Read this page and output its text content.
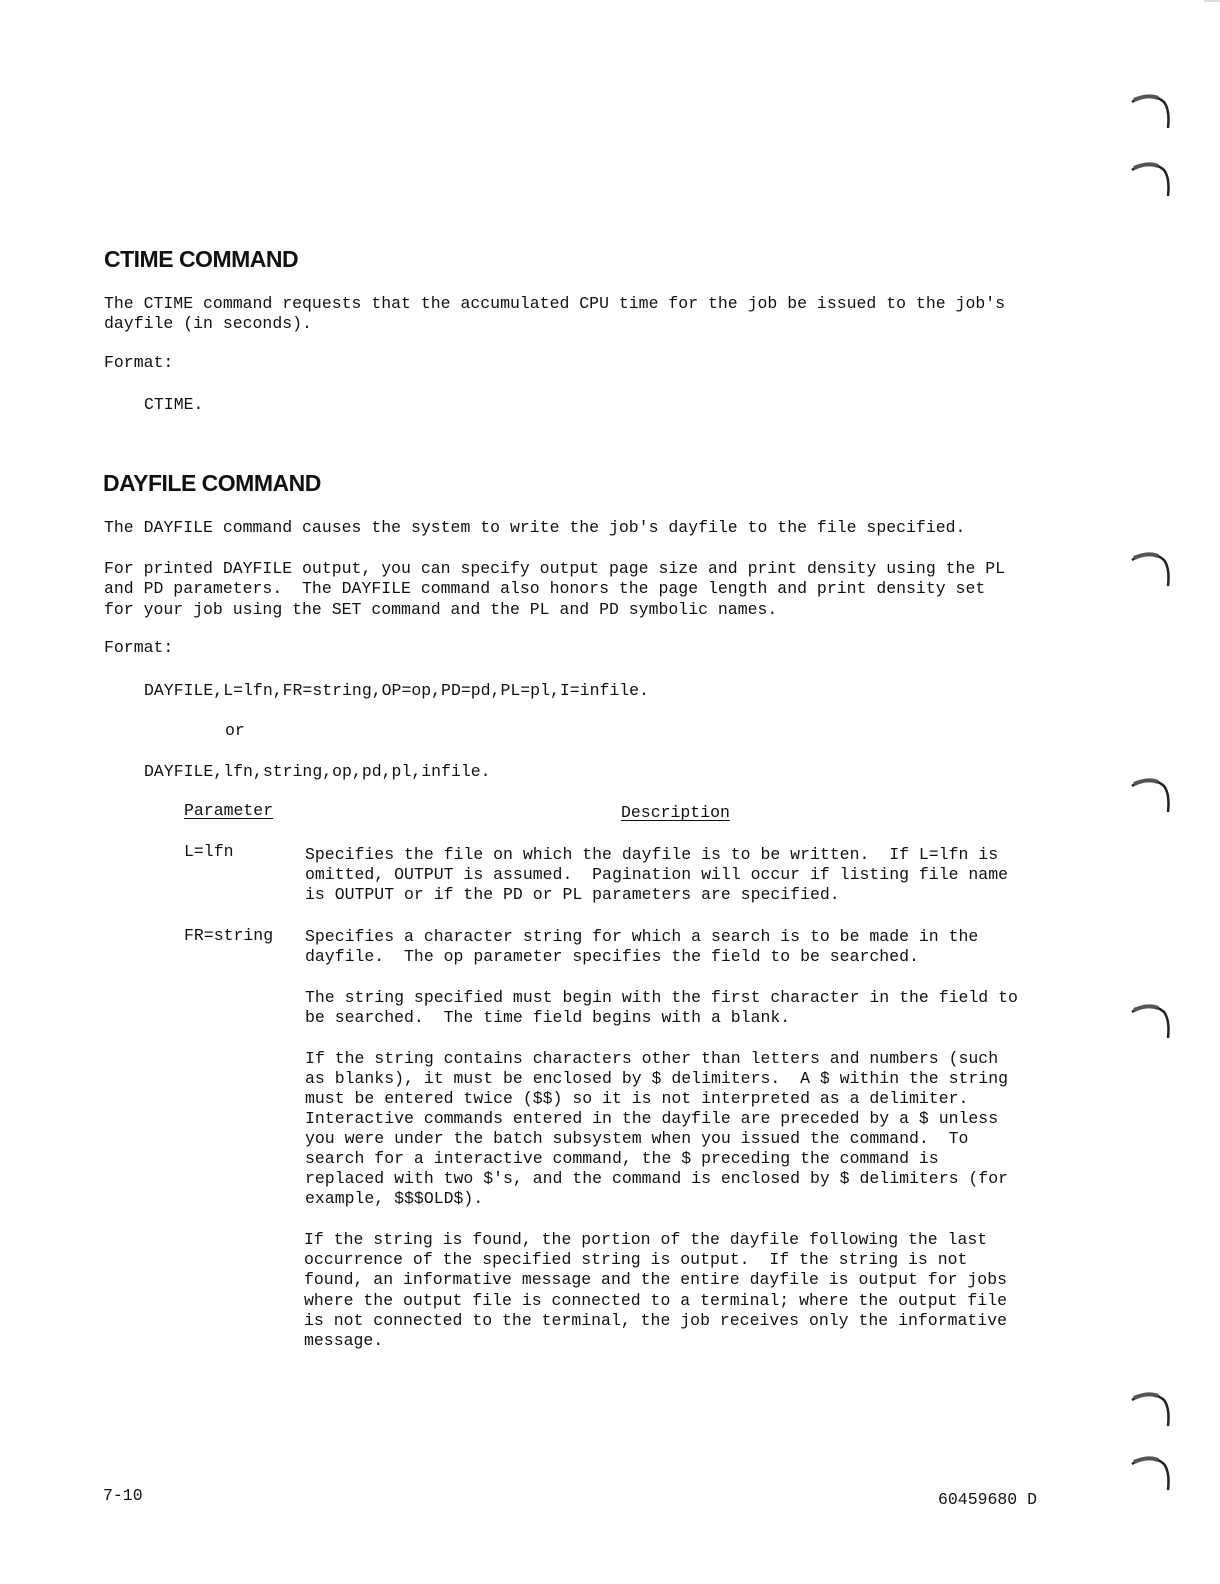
CTIME COMMAND

The CTIME command requests that the accumulated CPU time for the job be issued to the job's

dayfile (in seconds).

Format:

CTIME.

DAYFILE COMMAND

The DAYFILE command causes the system to write the job's dayfile to the file specified.

For printed DAYFILE output, you can specify output page size and print density using the PL

and PD parameters.  The DAYFILE command also honors the page length and print density set

for your job using the SET command and the PL and PD symbolic names.

Format:

DAYFILE,L=lfn,FR=string,OP=op,PD=pd,PL=pl,I=infile.

or

DAYFILE,lfn,string,op,pd,pl,infile.

Parameter	Description

L=lfn	Specifies the file on which the dayfile is to be written.  If L=lfn is

omitted, OUTPUT is assumed.  Pagination will occur if listing file name

is OUTPUT or if the PD or PL parameters are specified.

FR=string Specifies a character string for which a search is to be made in the

dayfile.  The op parameter specifies the field to be searched.

The string specified must begin with the first character in the field to

be searched.  The time field begins with a blank.

If the string contains characters other than letters and numbers (such

as blanks), it must be enclosed by $ delimiters.  A $ within the string

must be entered twice ($$) so it is not interpreted as a delimiter.

Interactive commands entered in the dayfile are preceded by a $ unless

you were under the batch subsystem when you issued the command.  To

search for a interactive command, the $ preceding the command is

replaced with two $'s, and the command is enclosed by $ delimiters (for

example, $$$OLD$).

If the string is found, the portion of the dayfile following the last

occurrence of the specified string is output.  If the string is not

found, an informative message and the entire dayfile is output for jobs

where the output file is connected to a terminal; where the output file

is not connected to the terminal, the job receives only the informative

message.

7-10	60459680 D
